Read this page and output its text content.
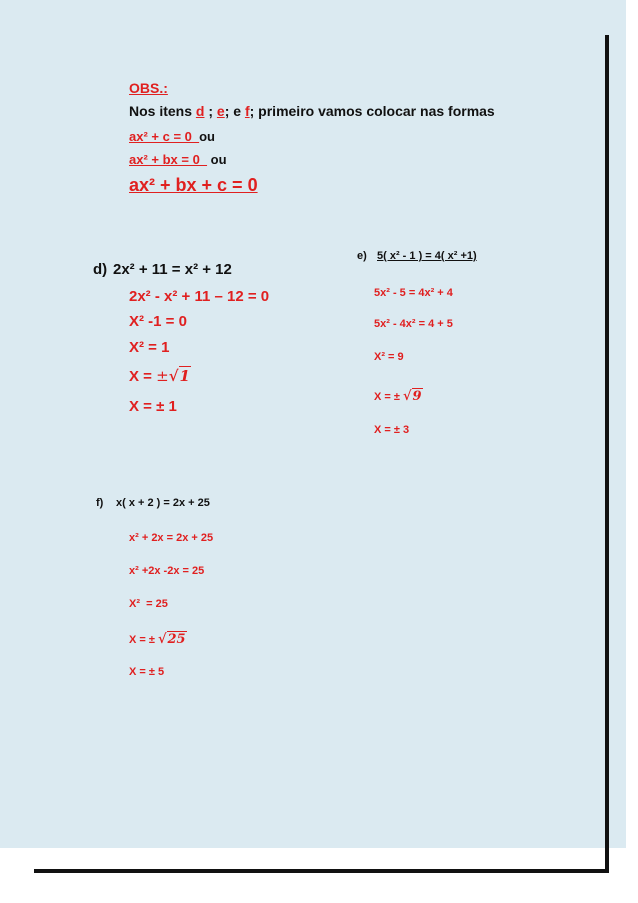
OBS.:
Nos itens d ; e; e f; primeiro vamos colocar nas formas
ax² + c = 0  ou
ax² + bx = 0   ou
ax² + bx + c = 0
d) 2x² + 11 = x² + 12
2x² - x² + 11 – 12 = 0
X² -1 = 0
X² = 1
X = ±√1
X = ± 1
e) 5( x² - 1 ) = 4( x² +1)
5x² - 5 = 4x² + 4
5x² - 4x² = 4 + 5
X² = 9
X = ± √9
X = ± 3
f) x( x + 2 ) = 2x + 25
x² + 2x = 2x + 25
x² +2x -2x = 25
X²  = 25
X = ± √25
X = ± 5
